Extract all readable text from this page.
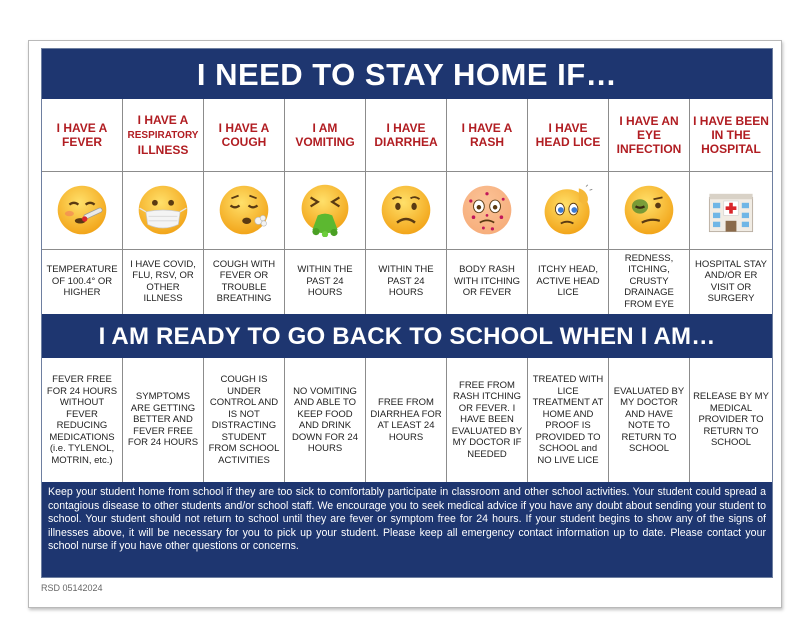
I NEED TO STAY HOME IF…
I HAVE A FEVER
I HAVE A
RESPIRATORY
ILLNESS
I HAVE A COUGH
I AM VOMITING
I HAVE DIARRHEA
I HAVE A RASH
I HAVE HEAD LICE
I HAVE AN EYE INFECTION
I HAVE BEEN IN THE HOSPITAL
TEMPERATURE OF 100.4° OR HIGHER
I HAVE COVID, FLU, RSV, OR OTHER ILLNESS
COUGH WITH FEVER OR TROUBLE BREATHING
WITHIN THE PAST 24 HOURS
WITHIN THE PAST 24 HOURS
BODY RASH WITH ITCHING OR FEVER
ITCHY HEAD, ACTIVE HEAD LICE
REDNESS, ITCHING, CRUSTY DRAINAGE FROM EYE
HOSPITAL STAY AND/OR ER VISIT OR SURGERY
I AM READY TO GO BACK TO SCHOOL WHEN I AM…
FEVER FREE FOR 24 HOURS WITHOUT FEVER REDUCING MEDICATIONS (i.e. TYLENOL, MOTRIN, etc.)
SYMPTOMS ARE GETTING BETTER AND FEVER FREE FOR 24 HOURS
COUGH IS UNDER CONTROL AND IS NOT DISTRACTING STUDENT FROM SCHOOL ACTIVITIES
NO VOMITING AND ABLE TO KEEP FOOD AND DRINK DOWN FOR 24 HOURS
FREE FROM DIARRHEA FOR AT LEAST 24 HOURS
FREE FROM RASH ITCHING OR FEVER. I HAVE BEEN EVALUATED BY MY DOCTOR IF NEEDED
TREATED WITH LICE TREATMENT AT HOME AND PROOF IS PROVIDED TO SCHOOL and NO LIVE LICE
EVALUATED BY MY DOCTOR AND HAVE NOTE TO RETURN TO SCHOOL
RELEASE BY MY MEDICAL PROVIDER TO RETURN TO SCHOOL
Keep your student home from school if they are too sick to comfortably participate in classroom and other school activities. Your student could spread a contagious disease to other students and/or school staff. We encourage you to seek medical advice if you have any doubt about sending your student to school. Your student should not return to school until they are fever or symptom free for 24 hours. If your student begins to show any of the signs of illnesses above, it will be necessary for you to pick up your student. Please keep all emergency contact information up to date. Please contact your school nurse if you have other questions or concerns.
RSD 05142024
